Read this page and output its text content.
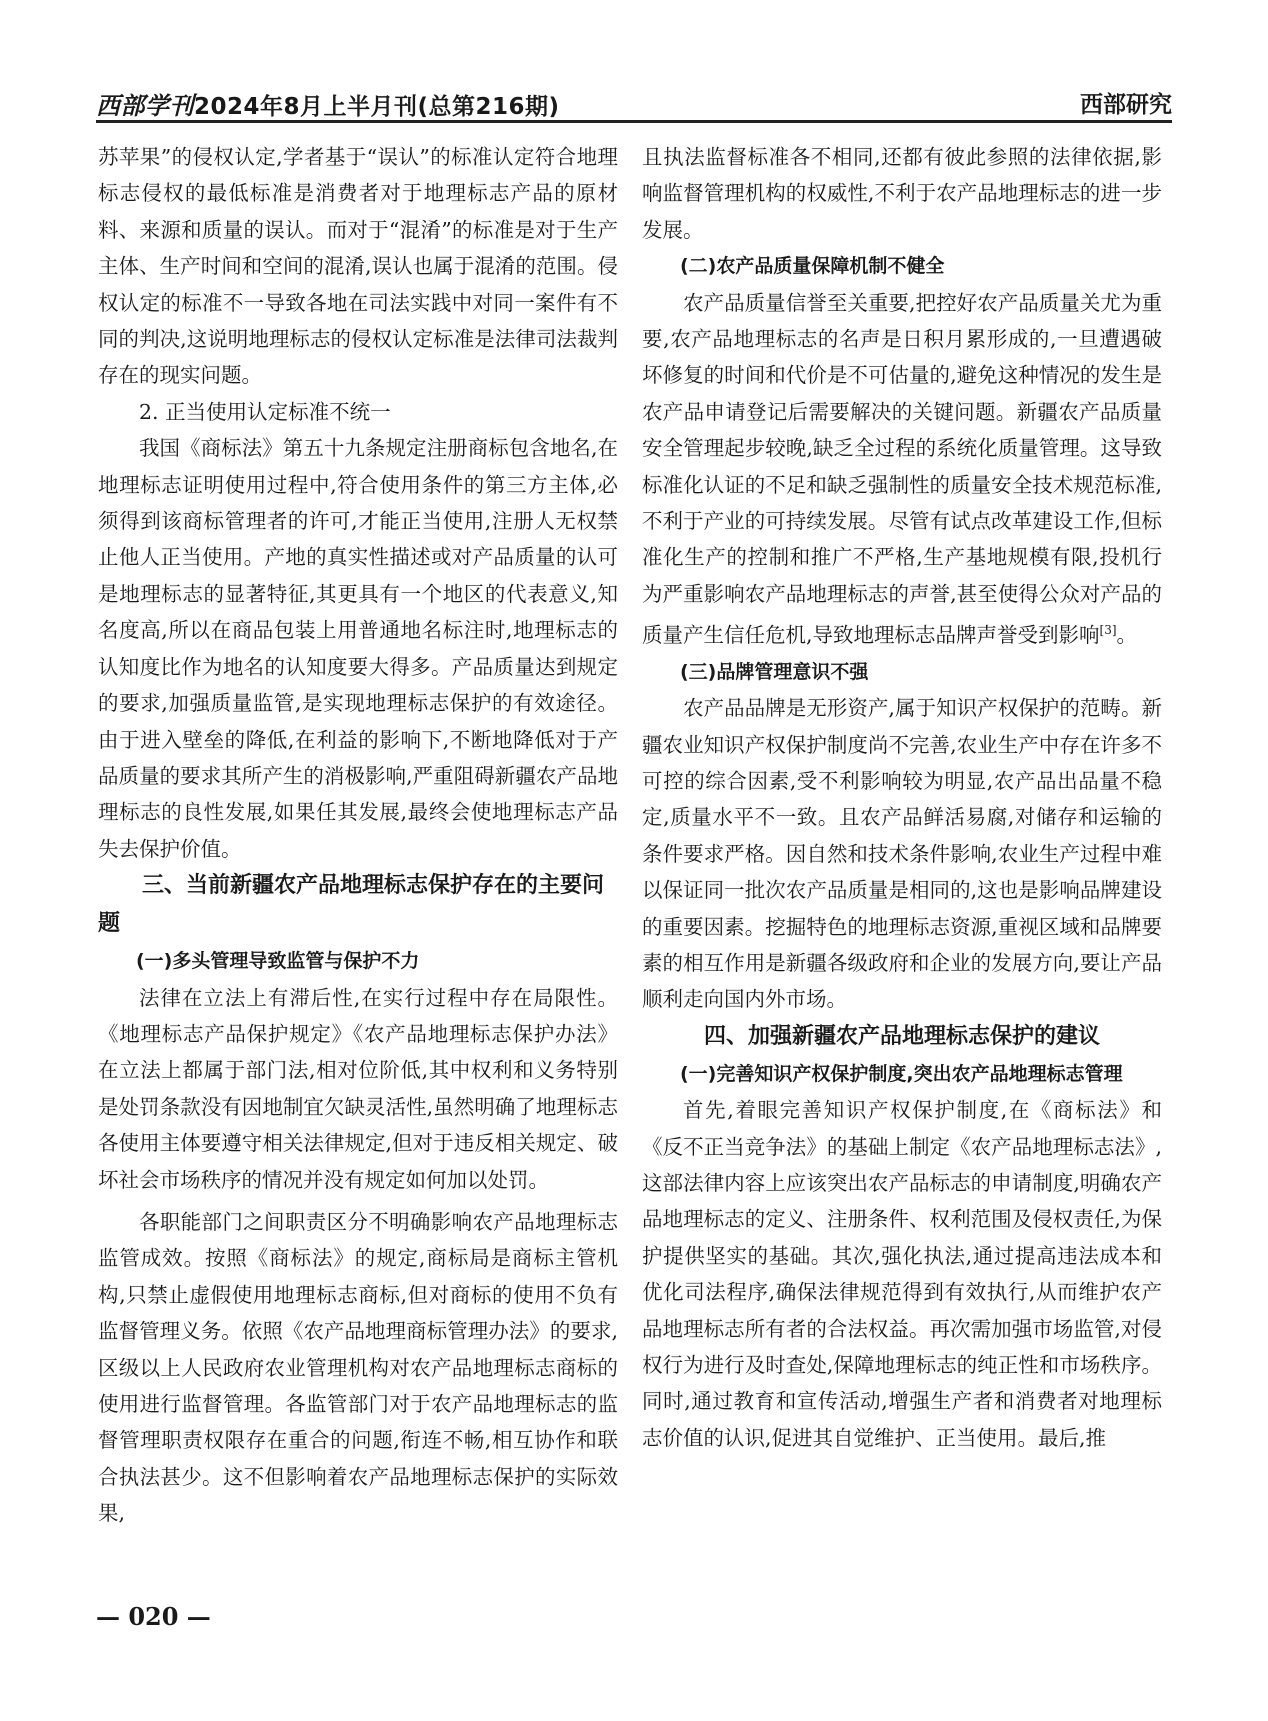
西部学刊2024年8月上半月刊(总第216期)	西部研究

苏苹果”的侵权认定,学者基于“误认”的标准认定符合地理标志侵权的最低标准是消费者对于地理标志产品的原材料、来源和质量的误认。而对于“混淆”的标准是对于生产主体、生产时间和空间的混淆,误认也属于混淆的范围。侵权认定的标准不一导致各地在司法实践中对同一案件有不同的判决,这说明地理标志的侵权认定标准是法律司法裁判存在的现实问题。

2. 正当使用认定标准不统一

我国《商标法》第五十九条规定注册商标包含地名,在地理标志证明使用过程中,符合使用条件的第三方主体,必须得到该商标管理者的许可,才能正当使用,注册人无权禁止他人正当使用。产地的真实性描述或对产品质量的认可是地理标志的显著特征,其更具有一个地区的代表意义,知名度高,所以在商品包装上用普通地名标注时,地理标志的认知度比作为地名的认知度要大得多。产品质量达到规定的要求,加强质量监管,是实现地理标志保护的有效途径。由于进入壁垒的降低,在利益的影响下,不断地降低对于产品质量的要求其所产生的消极影响,严重阻碍新疆农产品地理标志的良性发展,如果任其发展,最终会使地理标志产品失去保护价值。

三、当前新疆农产品地理标志保护存在的主要问题
(一)多头管理导致监管与保护不力

法律在立法上有滞后性,在实行过程中存在局限性。《地理标志产品保护规定》《农产品地理标志保护办法》在立法上都属于部门法,相对位阶低,其中权利和义务特别是处罚条款没有因地制宜欠缺灵活性,虽然明确了地理标志各使用主体要遵守相关法律规定,但对于违反相关规定、破坏社会市场秩序的情况并没有规定如何加以处罚。

各职能部门之间职责区分不明确影响农产品地理标志监管成效。按照《商标法》的规定,商标局是商标主管机构,只禁止虚假使用地理标志商标,但对商标的使用不负有监督管理义务。依照《农产品地理商标管理办法》的要求,区级以上人民政府农业管理机构对农产品地理标志商标的使用进行监督管理。各监管部门对于农产品地理标志的监督管理职责权限存在重合的问题,衔连不畅,相互协作和联合执法甚少。这不但影响着农产品地理标志保护的实际效果,

且执法监督标准各不相同,还都有彼此参照的法律依据,影响监督管理机构的权威性,不利于农产品地理标志的进一步发展。

(二)农产品质量保障机制不健全

农产品质量信誉至关重要,把控好农产品质量关尤为重要,农产品地理标志的名声是日积月累形成的,一旦遭遇破坏修复的时间和代价是不可估量的,避免这种情况的发生是农产品申请登记后需要解决的关键问题。新疆农产品质量安全管理起步较晚,缺乏全过程的系统化质量管理。这导致标准化认证的不足和缺乏强制性的质量安全技术规范标准,不利于产业的可持续发展。尽管有试点改革建设工作,但标准化生产的控制和推广不严格,生产基地规模有限,投机行为严重影响农产品地理标志的声誉,甚至使得公众对产品的质量产生信任危机,导致地理标志品牌声誉受到影响[3]。

(三)品牌管理意识不强

农产品品牌是无形资产,属于知识产权保护的范畴。新疆农业知识产权保护制度尚不完善,农业生产中存在许多不可控的综合因素,受不利影响较为明显,农产品出品量不稳定,质量水平不一致。且农产品鲜活易腐,对储存和运输的条件要求严格。因自然和技术条件影响,农业生产过程中难以保证同一批次农产品质量是相同的,这也是影响品牌建设的重要因素。挖掘特色的地理标志资源,重视区域和品牌要素的相互作用是新疆各级政府和企业的发展方向,要让产品顺利走向国内外市场。

四、加强新疆农产品地理标志保护的建议
(一)完善知识产权保护制度,突出农产品地理标志管理

首先,着眼完善知识产权保护制度,在《商标法》和《反不正当竞争法》的基础上制定《农产品地理标志法》,这部法律内容上应该突出农产品标志的申请制度,明确农产品地理标志的定义、注册条件、权利范围及侵权责任,为保护提供坚实的基础。其次,强化执法,通过提高违法成本和优化司法程序,确保法律规范得到有效执行,从而维护农产品地理标志所有者的合法权益。再次需加强市场监管,对侵权行为进行及时查处,保障地理标志的纯正性和市场秩序。同时,通过教育和宣传活动,增强生产者和消费者对地理标志价值的认识,促进其自觉维护、正当使用。最后,推

— 020 —
